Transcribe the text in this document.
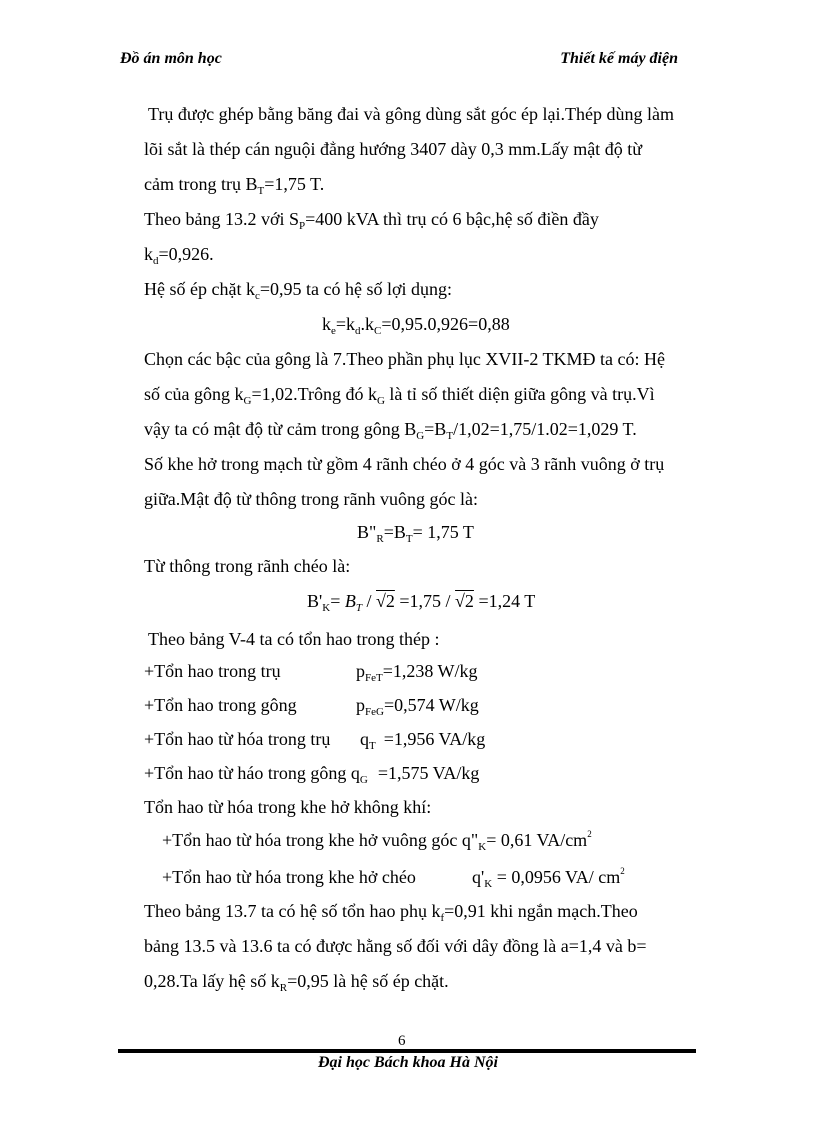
Đồ án môn học	Thiết kế máy điện
Trụ được ghép bằng băng đai và gông dùng sắt góc ép lại.Thép dùng làm
lõi sắt là thép cán nguội đẳng hướng 3407 dày 0,3 mm.Lấy mật độ từ
cảm trong trụ $B_T=1,75$ T.
Theo bảng 13.2 với $S_P=400$ kVA thì trụ có 6 bậc,hệ số điền đầy
$k_d=0,926$.
Hệ số ép chặt $k_c=0,95$ ta có hệ số lợi dụng:
$k_e=k_d.k_C=0,95.0,926=0,88$
Chọn các bậc của gông là 7.Theo phần phụ lục XVII-2 TKMĐ ta có: Hệ
số của gông $k_G=1,02.Trông$ đó $k_G$ là tỉ số thiết diện giữa gông và trụ.Vì
vậy ta có mật độ từ cảm trong gông $B_G=B_T/1,02=1,75/1.02=1,029$ T.
Số khe hở trong mạch từ gồm 4 rãnh chéo ở 4 góc và 3 rãnh vuông ở trụ
giữa.Mật độ từ thông trong rãnh vuông góc là:
$B"_R=B_T= 1,75$ T
Từ thông trong rãnh chéo là:
$B'_K= B_T / √2 =1,75 / √2 =1,24$ T
Theo bảng V-4 ta có tổn hao trong thép :
+Tổn hao trong trụ	$p_{FeT}=1,238$ W/kg
+Tổn hao trong gông	$p_{FeG}=0,574$ W/kg
+Tổn hao từ hóa trong trụ $q_T =1,956$ VA/kg
+Tổn hao từ háo trong gông $q_G =1,575$ VA/kg
Tổn hao từ hóa trong khe hở không khí:
+Tổn hao từ hóa trong khe hở vuông góc $q"_K= 0,61$ $VA/cm^2$
+Tổn hao từ hóa trong khe hở chéo	$q'_K = 0,0956$ VA/ $cm^2$
Theo bảng 13.7 ta có hệ số tổn hao phụ $k_f=0,91$ khi ngắn mạch.Theo
bảng 13.5 và 13.6 ta có được hằng số đối với dây đồng là a=1,4 và b=
0,28.Ta lấy hệ số $k_R=0,95$ là hệ số ép chặt.
6
Đại học Bách khoa Hà Nội
